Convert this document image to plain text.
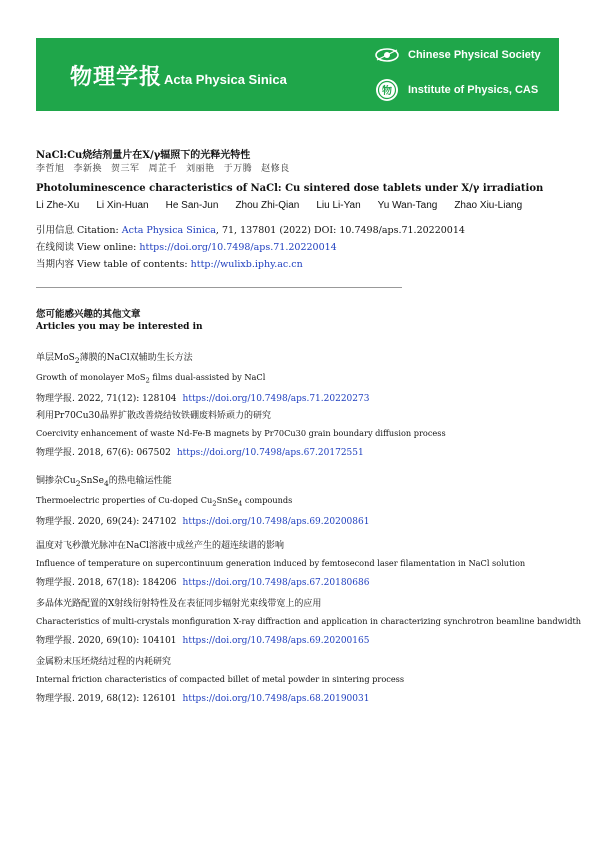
物理学报 Acta Physica Sinica
Chinese Physical Society
物 Institute of Physics, CAS
NaCl:Cu烧结剂量片在X/γ辐照下的光释光特性
李哲旭 李新换 贺三军 周芷千 刘丽艳 于万腾 赵修良
Photoluminescence characteristics of NaCl: Cu sintered dose tablets under X/γ irradiation
Li Zhe-Xu Li Xin-Huan He San-Jun Zhou Zhi-Qian Liu Li-Yan Yu Wan-Tang Zhao Xiu-Liang
引用信息 Citation: Acta Physica Sinica, 71, 137801 (2022) DOI: 10.7498/aps.71.20220014
在线阅读 View online: https://doi.org/10.7498/aps.71.20220014
当期内容 View table of contents: http://wulixb.iphy.ac.cn
您可能感兴趣的其他文章
Articles you may be interested in
单层MoS$_2$薄膜的NaCl双辅助生长方法
Growth of monolayer MoS$_2$ films dual-assisted by NaCl
物理学报. 2022, 71(12): 128104 https://doi.org/10.7498/aps.71.20220273
利用Pr70Cu30晶界扩散改善烧结钕铁硼废料矫顽力的研究
Coercivity enhancement of waste Nd-Fe-B magnets by Pr70Cu30 grain boundary diffusion process
物理学报. 2018, 67(6): 067502 https://doi.org/10.7498/aps.67.20172551
铜掺杂$Cu_2SnSe_4$的热电输运性能
Thermoelectric properties of Cu-doped $Cu_2SnSe_4$ compounds
物理学报. 2020, 69(24): 247102 https://doi.org/10.7498/aps.69.20200861
温度对飞秒激光脉冲在NaCl溶液中成丝产生的超连续谱的影响
Influence of temperature on supercontinuum generation induced by femtosecond laser filamentation in NaCl solution
物理学报. 2018, 67(18): 184206 https://doi.org/10.7498/aps.67.20180686
多晶体光路配置的X射线衍射特性及在表征同步辐射光束线带宽上的应用
Characteristics of multi-crystals monfiguration X-ray diffraction and application in characterizing synchrotron beamline bandwidth
物理学报. 2020, 69(10): 104101 https://doi.org/10.7498/aps.69.20200165
金属粉末压坯烧结过程的内耗研究
Internal friction characteristics of compacted billet of metal powder in sintering process
物理学报. 2019, 68(12): 126101 https://doi.org/10.7498/aps.68.20190031
